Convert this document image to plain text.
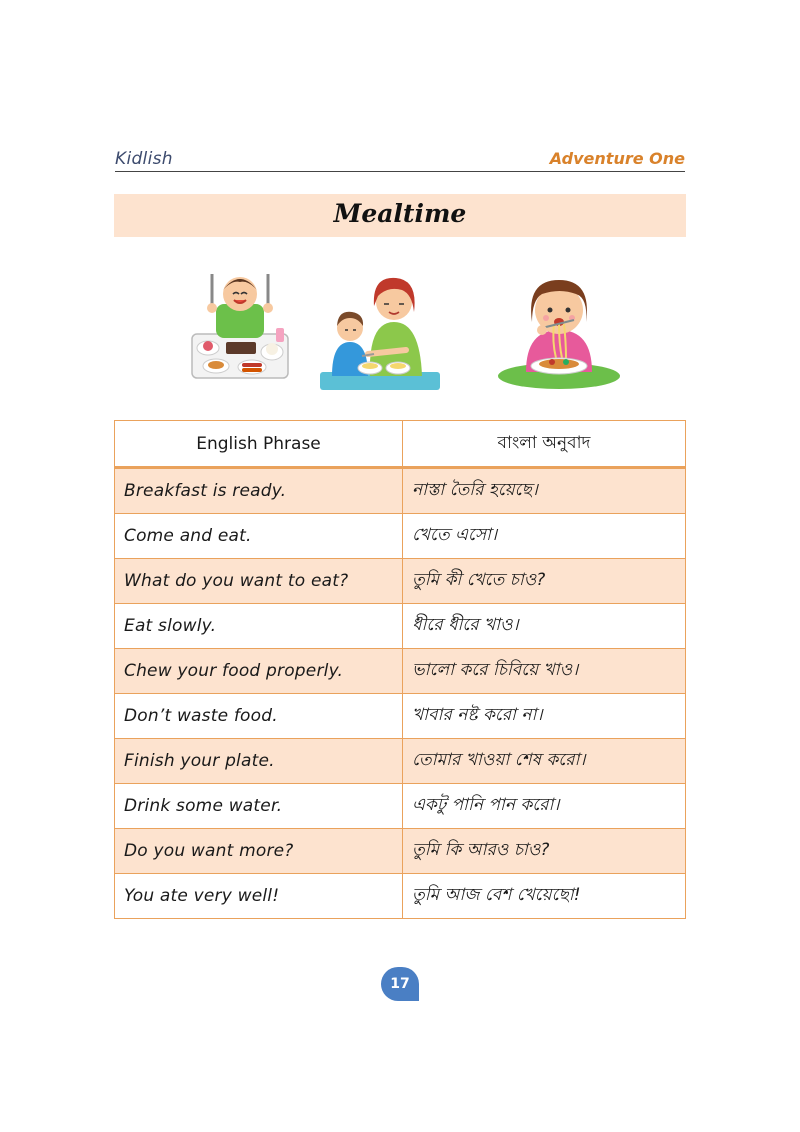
Kidlish	Adventure One
Mealtime
English Phrase	বাংলা অনুবাদ
Breakfast is ready.	নাস্তা তৈরি হয়েছে।
Come and eat.	খেতে এসো।
What do you want to eat?	তুমি কী খেতে চাও?
Eat slowly.	ধীরে ধীরে খাও।
Chew your food properly.	ভালো করে চিবিয়ে খাও।
Don’t waste food.	খাবার নষ্ট করো না।
Finish your plate.	তোমার খাওয়া শেষ করো।
Drink some water.	একটু পানি পান করো।
Do you want more?	তুমি কি আরও চাও?
You ate very well!	তুমি আজ বেশ খেয়েছো!
17
